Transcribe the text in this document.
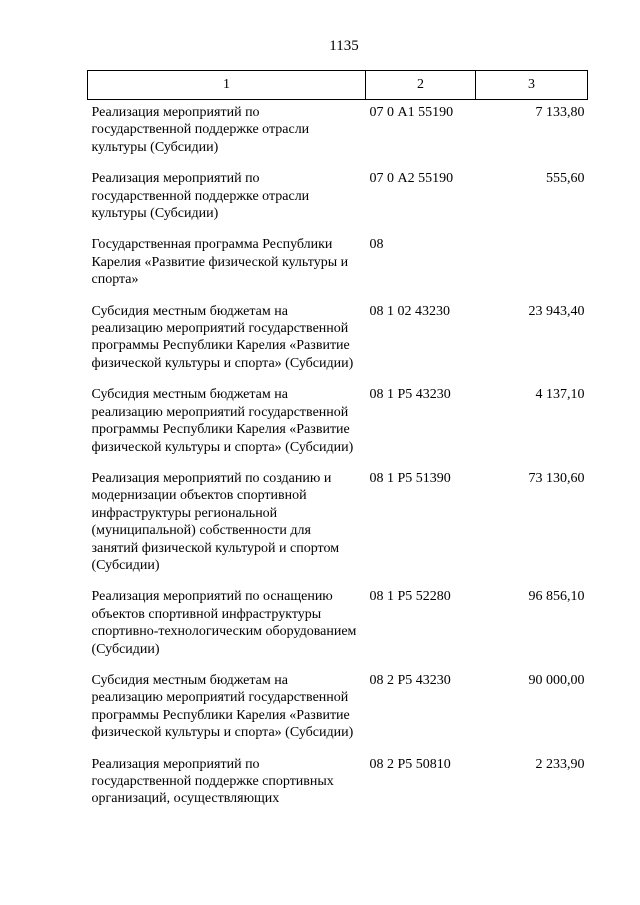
1135
1	2	3
Реализация мероприятий по государственной поддержке отрасли культуры (Субсидии)	07 0 А1 55190	7 133,80
Реализация мероприятий по государственной поддержке отрасли культуры (Субсидии)	07 0 А2 55190	555,60
Государственная программа Республики Карелия «Развитие физической культуры и спорта»	08	
Субсидия местным бюджетам на реализацию мероприятий государственной программы Республики Карелия «Развитие физической культуры и спорта» (Субсидии)	08 1 02 43230	23 943,40
Субсидия местным бюджетам на реализацию мероприятий государственной программы Республики Карелия «Развитие физической культуры и спорта» (Субсидии)	08 1 Р5 43230	4 137,10
Реализация мероприятий по созданию и модернизации объектов спортивной инфраструктуры региональной (муниципальной) собственности для занятий физической культурой и спортом (Субсидии)	08 1 Р5 51390	73 130,60
Реализация мероприятий по оснащению объектов спортивной инфраструктуры спортивно-технологическим оборудованием (Субсидии)	08 1 Р5 52280	96 856,10
Субсидия местным бюджетам на реализацию мероприятий государственной программы Республики Карелия «Развитие физической культуры и спорта» (Субсидии)	08 2 Р5 43230	90 000,00
Реализация мероприятий по государственной поддержке спортивных организаций, осуществляющих	08 2 Р5 50810	2 233,90
